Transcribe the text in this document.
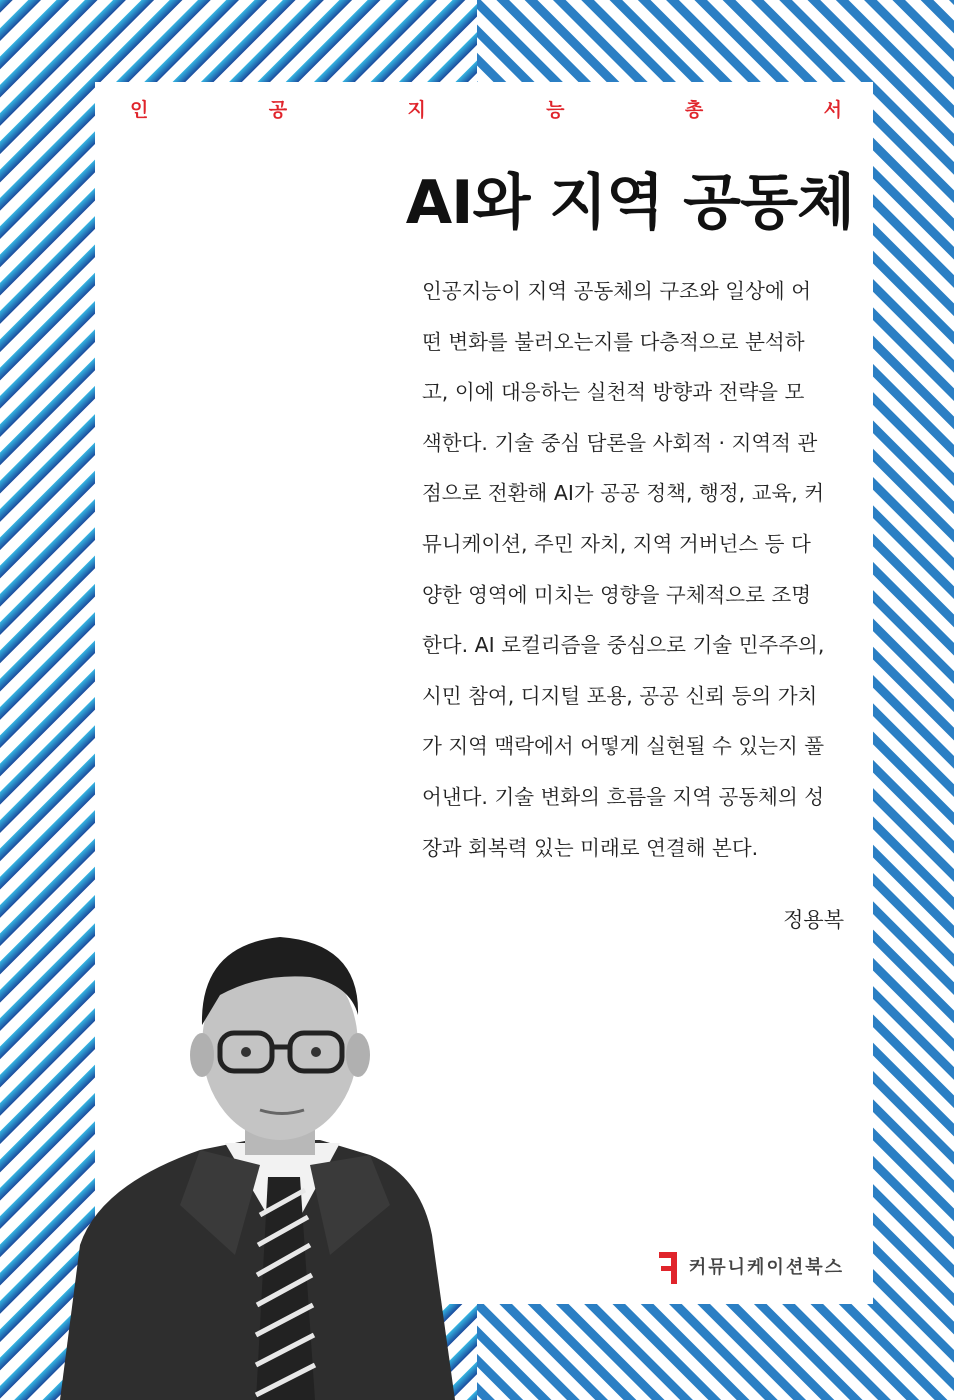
인	공	지	능	총	서
AI와 지역 공동체
인공지능이 지역 공동체의 구조와 일상에 어
떤 변화를 불러오는지를 다층적으로 분석하
고, 이에 대응하는 실천적 방향과 전략을 모
색한다. 기술 중심 담론을 사회적 · 지역적 관
점으로 전환해 AI가 공공 정책, 행정, 교육, 커
뮤니케이션, 주민 자치, 지역 거버넌스 등 다
양한 영역에 미치는 영향을 구체적으로 조명
한다. AI 로컬리즘을 중심으로 기술 민주주의,
시민 참여, 디지털 포용, 공공 신뢰 등의 가치
가 지역 맥락에서 어떻게 실현될 수 있는지 풀
어낸다. 기술 변화의 흐름을 지역 공동체의 성
장과 회복력 있는 미래로 연결해 본다.
정용복
커뮤니케이션북스
